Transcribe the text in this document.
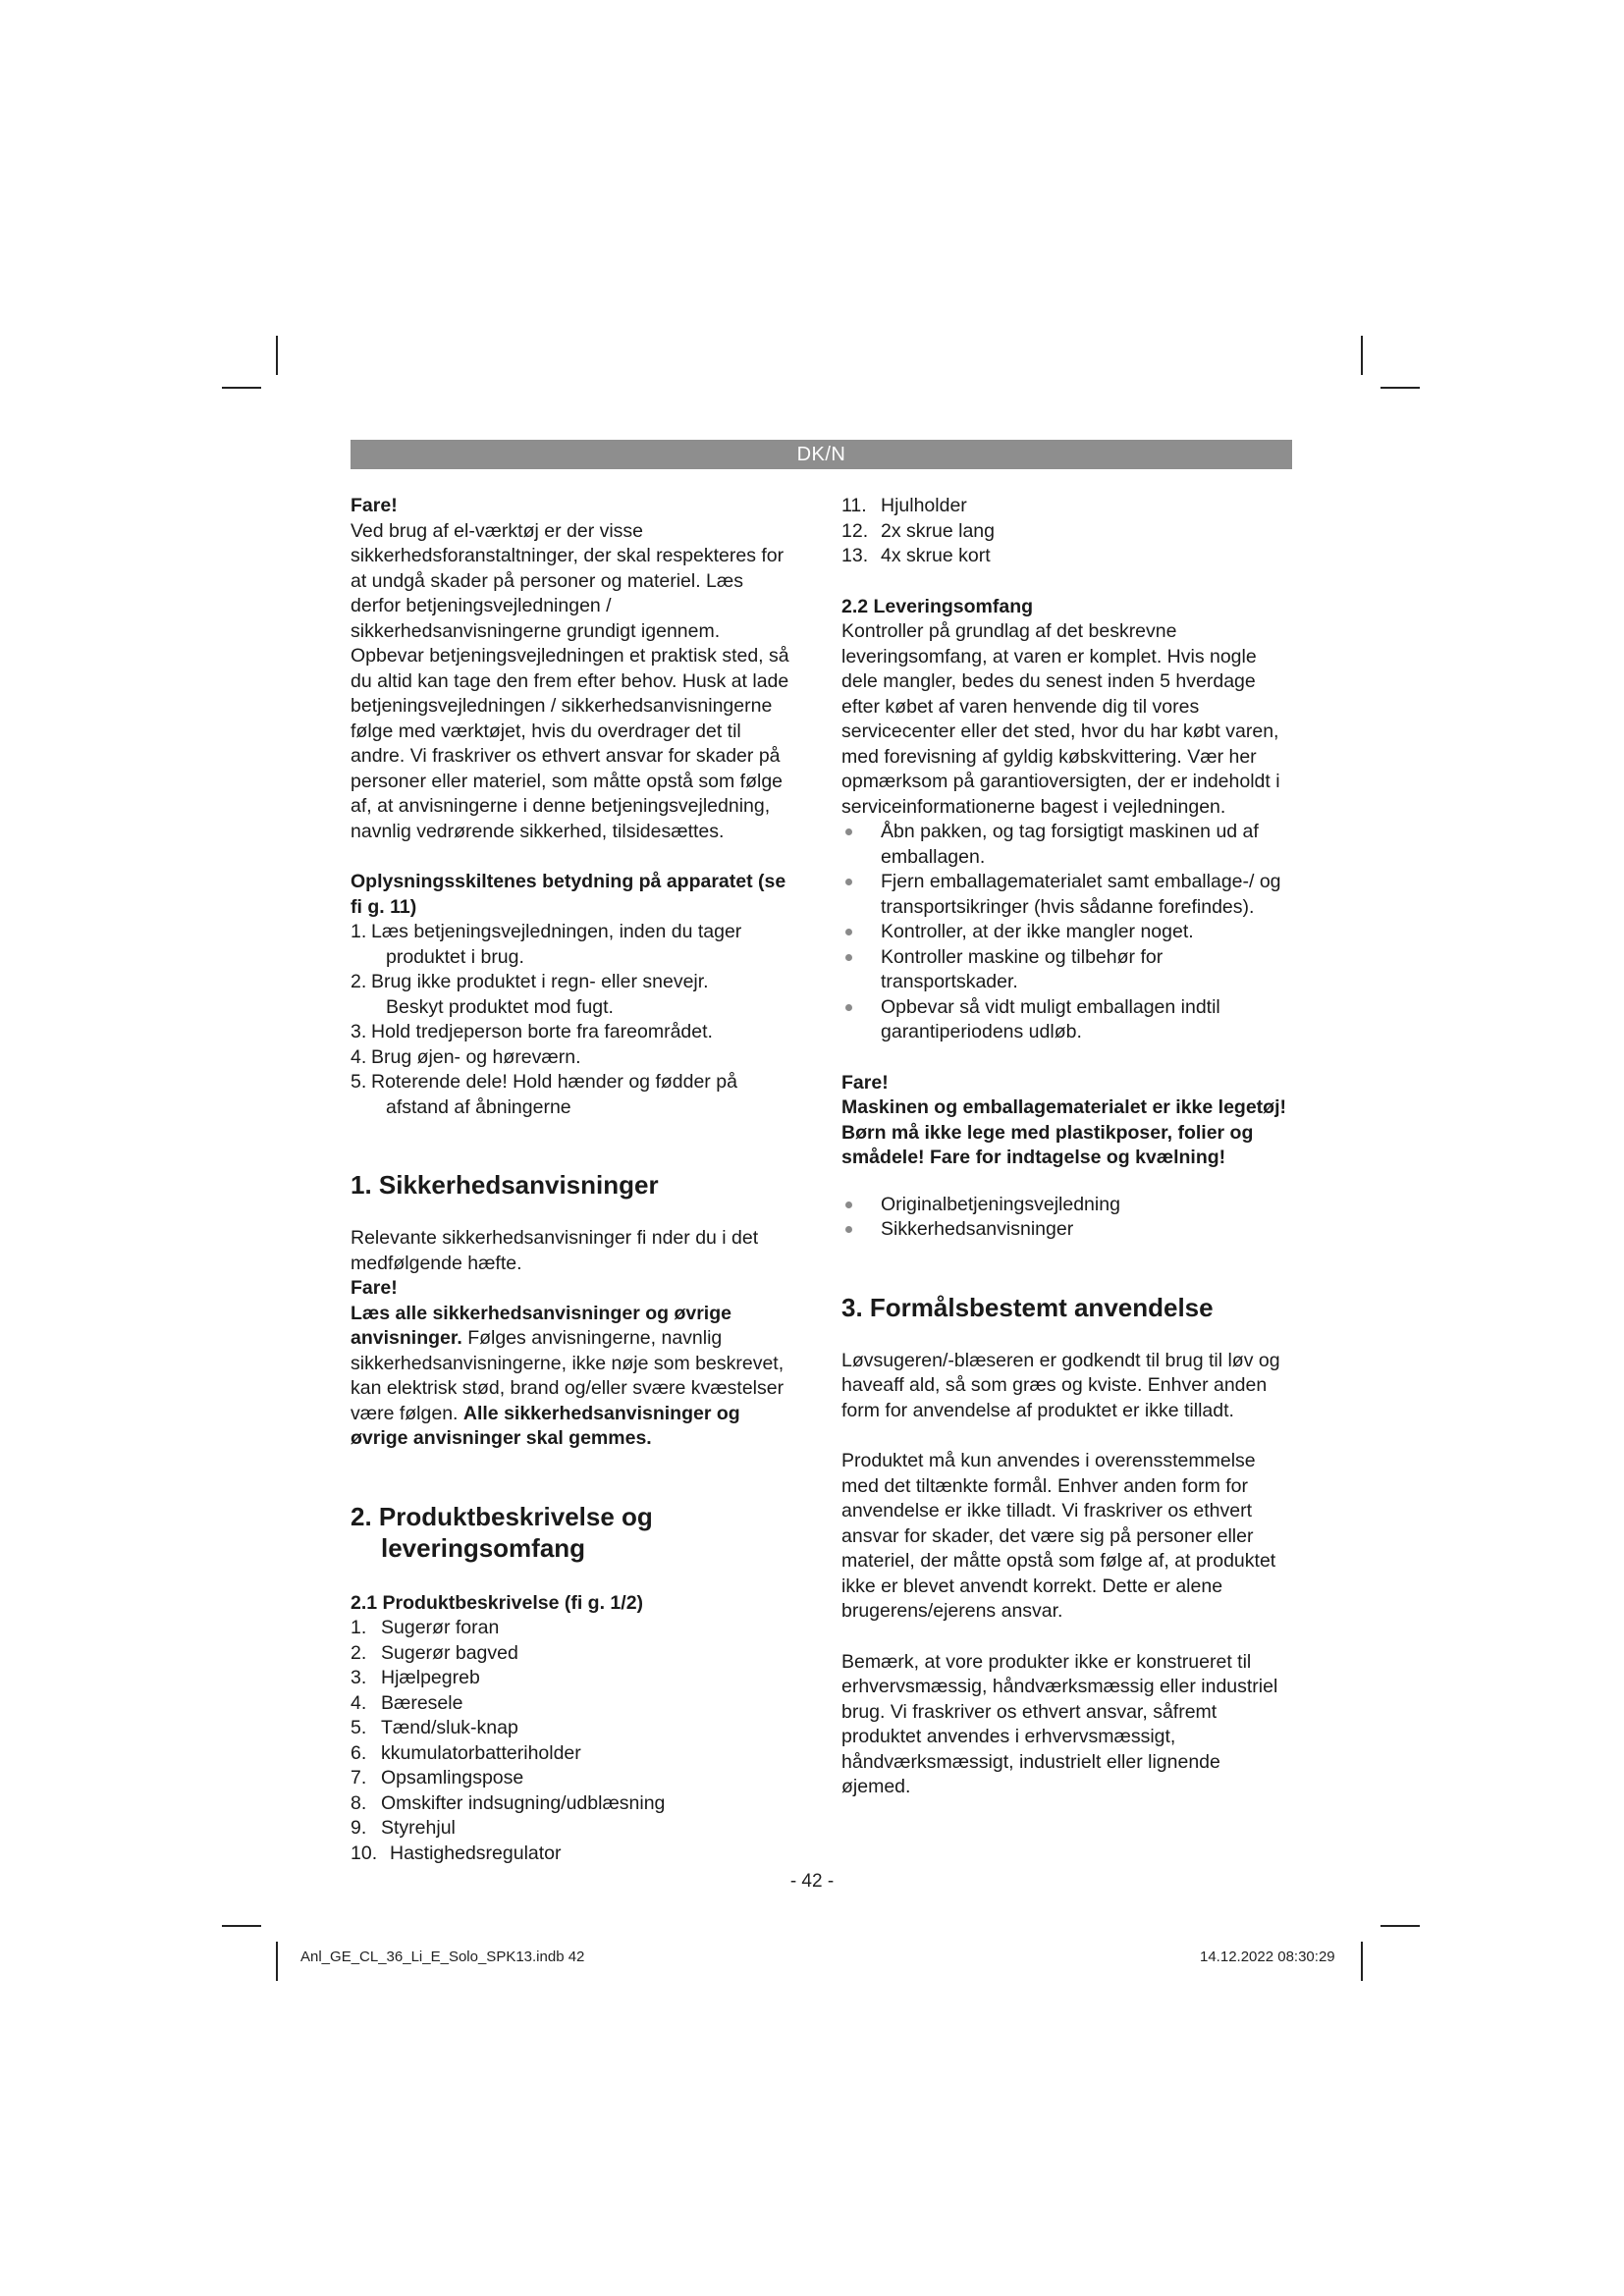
DK/N

Fare!

Ved brug af el-værktøj er der visse sikkerhedsforanstaltninger, der skal respekteres for at undgå skader på personer og materiel. Læs derfor betjeningsvejledningen / sikkerhedsanvisningerne grundigt igennem. Opbevar betjeningsvejledningen et praktisk sted, så du altid kan tage den frem efter behov. Husk at lade betjeningsvejledningen / sikkerhedsanvisningerne følge med værktøjet, hvis du overdrager det til andre. Vi fraskriver os ethvert ansvar for skader på personer eller materiel, som måtte opstå som følge af, at anvisningerne i denne betjeningsvejledning, navnlig vedrørende sikkerhed, tilsidesættes.

Oplysningsskiltenes betydning på apparatet (se fi g. 11)
1. Læs betjeningsvejledningen, inden du tager
produktet i brug.
2. Brug ikke produktet i regn- eller snevejr.
Beskyt produktet mod fugt.
3. Hold tredjeperson borte fra fareområdet.
4. Brug øjen- og høreværn.
5. Roterende dele! Hold hænder og fødder på
afstand af åbningerne
1. Sikkerhedsanvisninger

Relevante sikkerhedsanvisninger fi nder du i det medfølgende hæfte.

Fare!

Læs alle sikkerhedsanvisninger og øvrige anvisninger. Følges anvisningerne, navnlig sikkerhedsanvisningerne, ikke nøje som beskrevet, kan elektrisk stød, brand og/eller svære kvæstelser være følgen. Alle sikkerhedsanvisninger og øvrige anvisninger skal gemmes.

2. Produktbeskrivelse og
leveringsomfang
2.1 Produktbeskrivelse (fi g. 1/2)
1. Sugerør foran
2. Sugerør bagved
3. Hjælpegreb
4. Bæresele
5. Tænd/sluk-knap
6. kkumulatorbatteriholder
7. Opsamlingspose
8. Omskifter indsugning/udblæsning
9. Styrehjul
10. Hastighedsregulator
11. Hjulholder
12. 2x skrue lang
13. 4x skrue kort
2.2 Leveringsomfang

Kontroller på grundlag af det beskrevne leveringsomfang, at varen er komplet. Hvis nogle dele mangler, bedes du senest inden 5 hverdage efter købet af varen henvende dig til vores servicecenter eller det sted, hvor du har købt varen, med forevisning af gyldig købskvittering. Vær her opmærksom på garantioversigten, der er indeholdt i serviceinformationerne bagest i vejledningen.

Åbn pakken, og tag forsigtigt maskinen ud af emballagen.
Fjern emballagematerialet samt emballage-/ og transportsikringer (hvis sådanne forefindes).
Kontroller, at der ikke mangler noget.
Kontroller maskine og tilbehør for transportskader.
Opbevar så vidt muligt emballagen indtil garantiperiodens udløb.

Fare!

Maskinen og emballagematerialet er ikke legetøj! Børn må ikke lege med plastikposer, folier og smådele! Fare for indtagelse og kvælning!

Originalbetjeningsvejledning
Sikkerhedsanvisninger
3. Formålsbestemt anvendelse

Løvsugeren/-blæseren er godkendt til brug til løv og haveaff ald, så som græs og kviste. Enhver anden form for anvendelse af produktet er ikke tilladt.

Produktet må kun anvendes i overensstemmelse med det tiltænkte formål. Enhver anden form for anvendelse er ikke tilladt. Vi fraskriver os ethvert ansvar for skader, det være sig på personer eller materiel, der måtte opstå som følge af, at produktet ikke er blevet anvendt korrekt. Dette er alene brugerens/ejerens ansvar.

Bemærk, at vore produkter ikke er konstrueret til erhvervsmæssig, håndværksmæssig eller industriel brug. Vi fraskriver os ethvert ansvar, såfremt produktet anvendes i erhvervsmæssigt, håndværksmæssigt, industrielt eller lignende øjemed.

- 42 -
Anl_GE_CL_36_Li_E_Solo_SPK13.indb 42	14.12.2022 08:30:29
